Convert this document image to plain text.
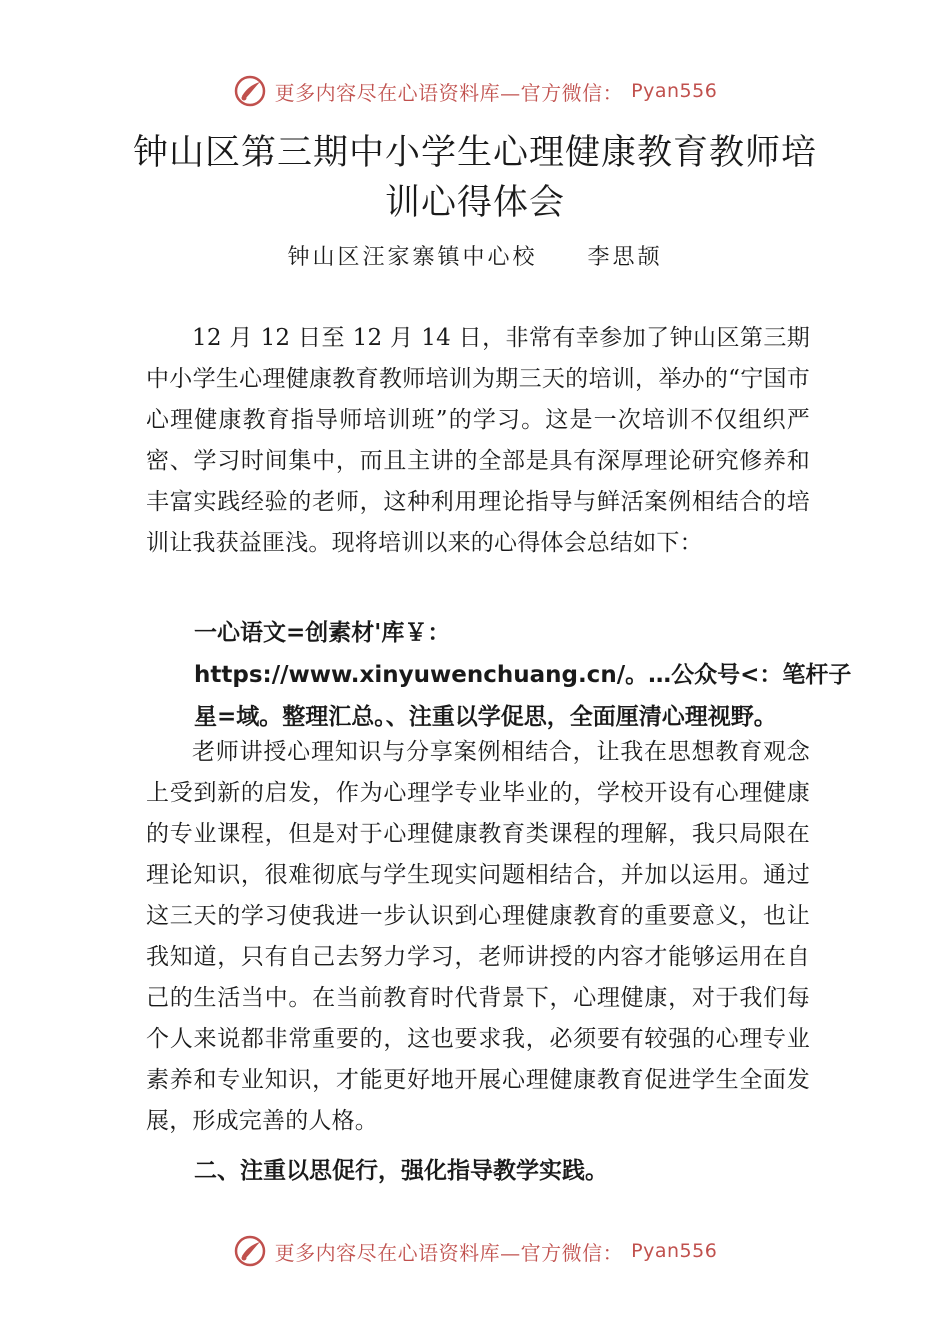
更多内容尽在心语资料库—官方微信： Pyan556
钟山区第三期中小学生心理健康教育教师培训心得体会
钟山区汪家寨镇中心校 李思颉

12 月 12 日至 12 月 14 日，非常有幸参加了钟山区第三期中小学生心理健康教育教师培训为期三天的培训，举办的“宁国市心理健康教育指导师培训班”的学习。这是一次培训不仅组织严密、学习时间集中，而且主讲的全部是具有深厚理论研究修养和丰富实践经验的老师，这种利用理论指导与鲜活案例相结合的培训让我获益匪浅。现将培训以来的心得体会总结如下：

一心语文=创素材'库￥：https://www.xinyuwenchuang.cn/。…公众号<：笔杆子星=域。整理汇总。、注重以学促思，全面厘清心理视野。

老师讲授心理知识与分享案例相结合，让我在思想教育观念上受到新的启发，作为心理学专业毕业的，学校开设有心理健康的专业课程，但是对于心理健康教育类课程的理解，我只局限在理论知识，很难彻底与学生现实问题相结合，并加以运用。通过这三天的学习使我进一步认识到心理健康教育的重要意义，也让我知道，只有自己去努力学习，老师讲授的内容才能够运用在自己的生活当中。在当前教育时代背景下，心理健康，对于我们每个人来说都非常重要的，这也要求我，必须要有较强的心理专业素养和专业知识，才能更好地开展心理健康教育促进学生全面发展，形成完善的人格。

二、注重以思促行，强化指导教学实践。

更多内容尽在心语资料库—官方微信： Pyan556
